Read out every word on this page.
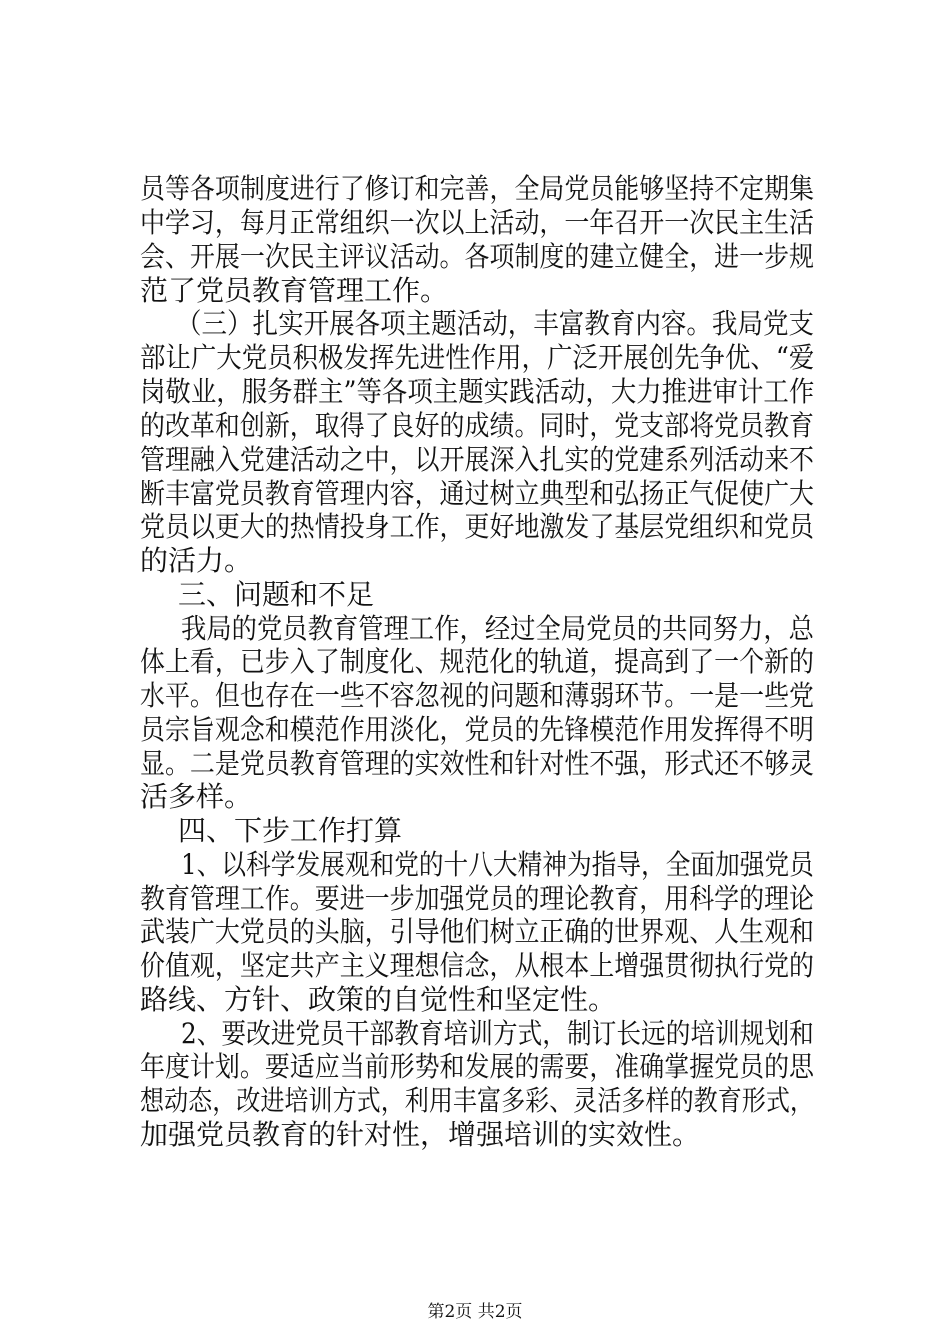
员等各项制度进行了修订和完善，全局党员能够坚持不定期集
中学习，每月正常组织一次以上活动，一年召开一次民主生活
会、开展一次民主评议活动。各项制度的建立健全，进一步规
范了党员教育管理工作。
（三）扎实开展各项主题活动，丰富教育内容。我局党支
部让广大党员积极发挥先进性作用，广泛开展创先争优、“爱
岗敬业，服务群主”等各项主题实践活动，大力推进审计工作
的改革和创新，取得了良好的成绩。同时，党支部将党员教育
管理融入党建活动之中，以开展深入扎实的党建系列活动来不
断丰富党员教育管理内容，通过树立典型和弘扬正气促使广大
党员以更大的热情投身工作，更好地激发了基层党组织和党员
的活力。
三、问题和不足
我局的党员教育管理工作，经过全局党员的共同努力，总
体上看，已步入了制度化、规范化的轨道，提高到了一个新的
水平。但也存在一些不容忽视的问题和薄弱环节。一是一些党
员宗旨观念和模范作用淡化，党员的先锋模范作用发挥得不明
显。二是党员教育管理的实效性和针对性不强，形式还不够灵
活多样。
四、下步工作打算
1、以科学发展观和党的十八大精神为指导，全面加强党员
教育管理工作。要进一步加强党员的理论教育，用科学的理论
武装广大党员的头脑，引导他们树立正确的世界观、人生观和
价值观，坚定共产主义理想信念，从根本上增强贯彻执行党的
路线、方针、政策的自觉性和坚定性。
2、要改进党员干部教育培训方式，制订长远的培训规划和
年度计划。要适应当前形势和发展的需要，准确掌握党员的思
想动态，改进培训方式，利用丰富多彩、灵活多样的教育形式，
加强党员教育的针对性，增强培训的实效性。
第2页 共2页
